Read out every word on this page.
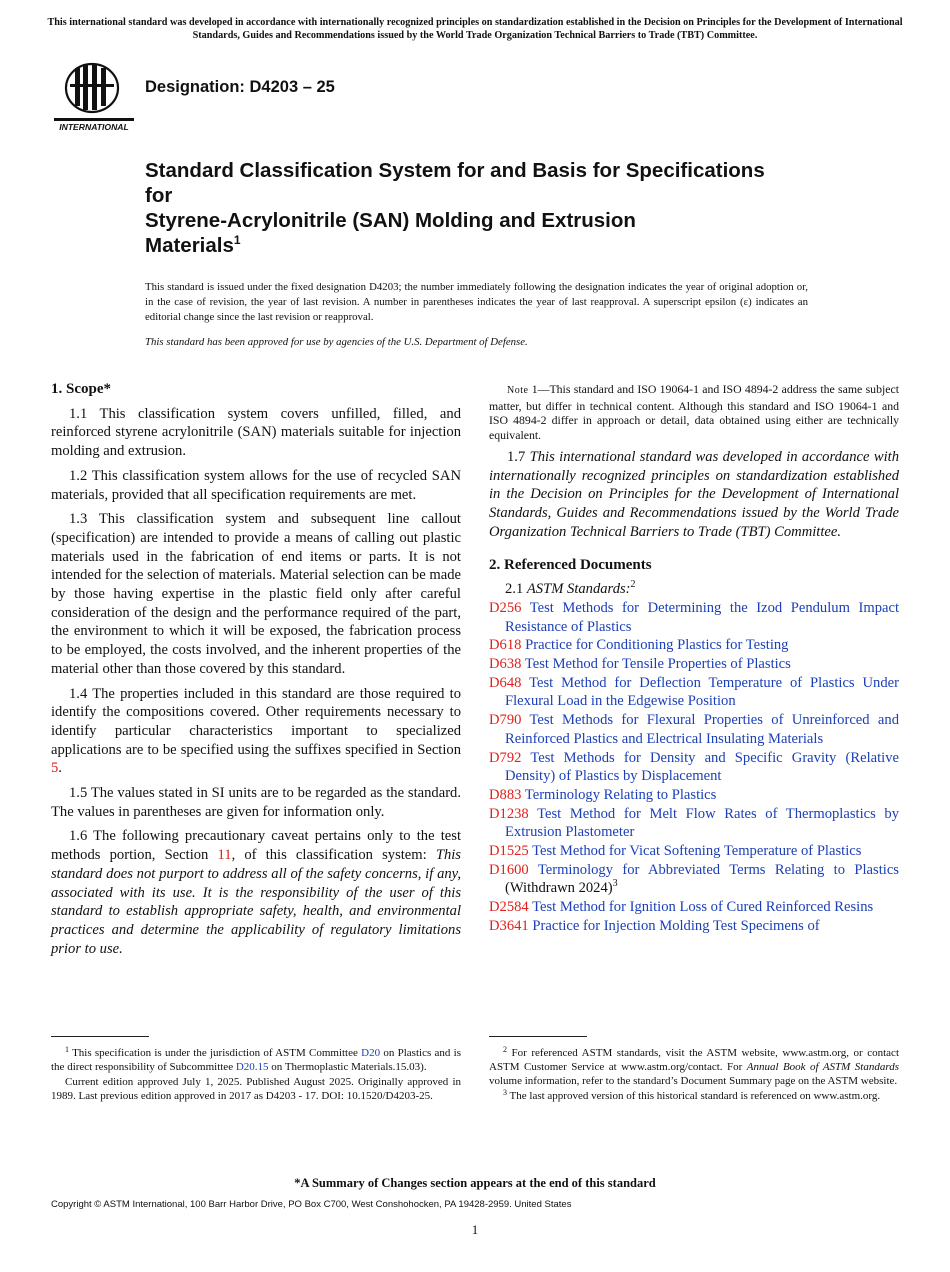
This international standard was developed in accordance with internationally recognized principles on standardization established in the Decision on Principles for the Development of International Standards, Guides and Recommendations issued by the World Trade Organization Technical Barriers to Trade (TBT) Committee.
INTERNATIONAL
Designation: D4203 – 25
Standard Classification System for and Basis for Specifications
for
Styrene-Acrylonitrile (SAN) Molding and Extrusion
Materials$^1$
This standard is issued under the fixed designation D4203; the number immediately following the designation indicates the year of original adoption or, in the case of revision, the year of last revision. A number in parentheses indicates the year of last reapproval. A superscript epsilon (ε) indicates an editorial change since the last revision or reapproval.
This standard has been approved for use by agencies of the U.S. Department of Defense.
1. Scope*

1.1 This classification system covers unfilled, filled, and reinforced styrene acrylonitrile (SAN) materials suitable for injection molding and extrusion.

1.2 This classification system allows for the use of recycled SAN materials, provided that all specification requirements are met.

1.3 This classification system and subsequent line callout (specification) are intended to provide a means of calling out plastic materials used in the fabrication of end items or parts. It is not intended for the selection of materials. Material selection can be made by those having expertise in the plastic field only after careful consideration of the design and the performance required of the part, the environment to which it will be exposed, the fabrication process to be employed, the costs involved, and the inherent properties of the material other than those covered by this standard.

1.4 The properties included in this standard are those required to identify the compositions covered. Other requirements necessary to identify particular characteristics important to specialized applications are to be specified using the suffixes specified in Section 5.

1.5 The values stated in SI units are to be regarded as the standard. The values in parentheses are given for information only.

1.6 The following precautionary caveat pertains only to the test methods portion, Section 11, of this classification system: This standard does not purport to address all of the safety concerns, if any, associated with its use. It is the responsibility of the user of this standard to establish appropriate safety, health, and environmental practices and determine the applicability of regulatory limitations prior to use.

Note 1—This standard and ISO 19064-1 and ISO 4894-2 address the same subject matter, but differ in technical content. Although this standard and ISO 19064-1 and ISO 4894-2 differ in approach or detail, data obtained using either are technically equivalent.

1.7 This international standard was developed in accordance with internationally recognized principles on standardization established in the Decision on Principles for the Development of International Standards, Guides and Recommendations issued by the World Trade Organization Technical Barriers to Trade (TBT) Committee.

2. Referenced Documents

2.1 ASTM Standards:$^2$

D256 Test Methods for Determining the Izod Pendulum Impact Resistance of Plastics

D618 Practice for Conditioning Plastics for Testing

D638 Test Method for Tensile Properties of Plastics

D648 Test Method for Deflection Temperature of Plastics Under Flexural Load in the Edgewise Position

D790 Test Methods for Flexural Properties of Unreinforced and Reinforced Plastics and Electrical Insulating Materials

D792 Test Methods for Density and Specific Gravity (Relative Density) of Plastics by Displacement

D883 Terminology Relating to Plastics

D1238 Test Method for Melt Flow Rates of Thermoplastics by Extrusion Plastometer

D1525 Test Method for Vicat Softening Temperature of Plastics

D1600 Terminology for Abbreviated Terms Relating to Plastics (Withdrawn 2024)$^3$

D2584 Test Method for Ignition Loss of Cured Reinforced Resins

D3641 Practice for Injection Molding Test Specimens of

$^1$ This specification is under the jurisdiction of ASTM Committee D20 on Plastics and is the direct responsibility of Subcommittee D20.15 on Thermoplastic Materials.15.03).

Current edition approved July 1, 2025. Published August 2025. Originally approved in 1989. Last previous edition approved in 2017 as D4203 - 17. DOI: 10.1520/D4203-25.

$^2$ For referenced ASTM standards, visit the ASTM website, www.astm.org, or contact ASTM Customer Service at www.astm.org/contact. For Annual Book of ASTM Standards volume information, refer to the standard’s Document Summary page on the ASTM website.

$^3$ The last approved version of this historical standard is referenced on www.astm.org.

*A Summary of Changes section appears at the end of this standard
Copyright © ASTM International, 100 Barr Harbor Drive, PO Box C700, West Conshohocken, PA 19428-2959. United States
1
